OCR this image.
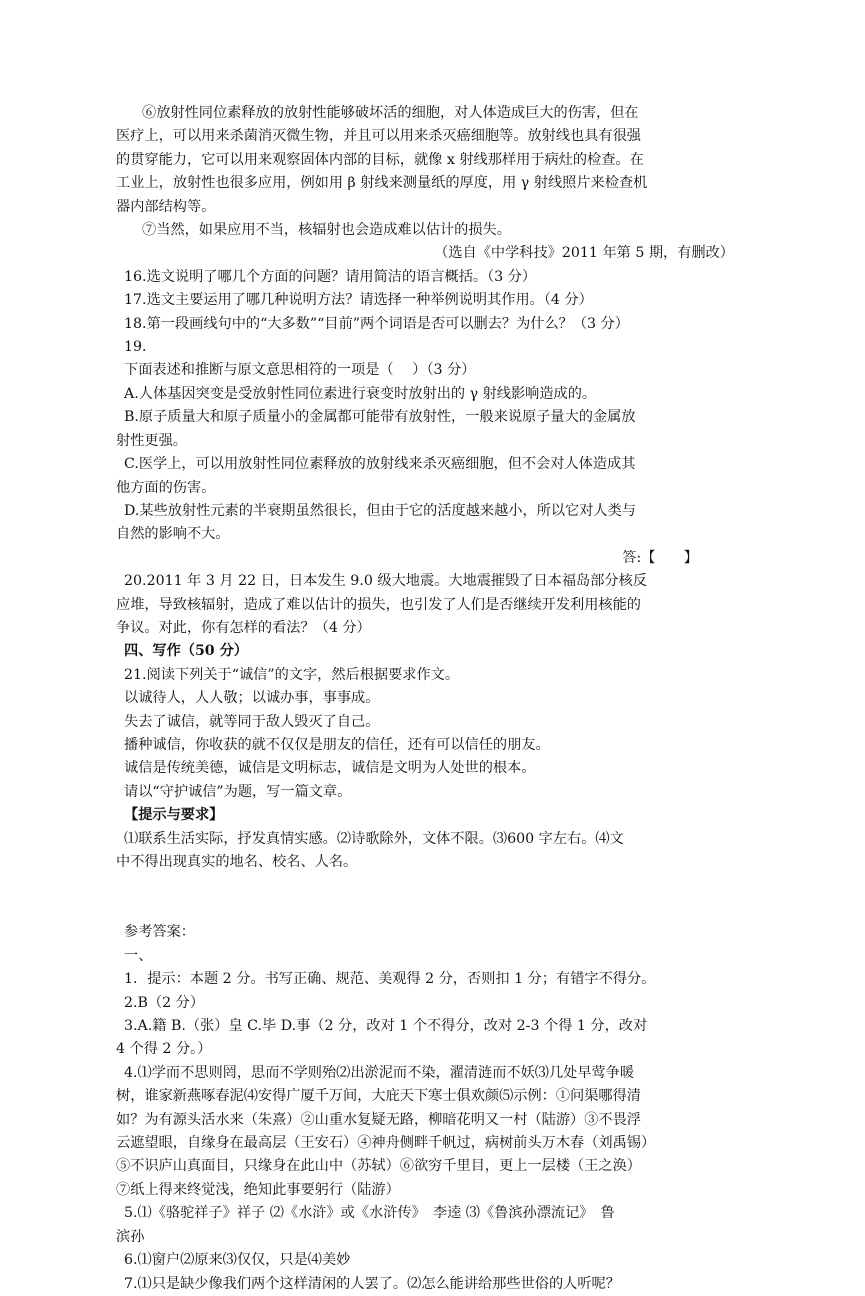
⑥放射性同位素释放的放射性能够破坏活的细胞，对人体造成巨大的伤害，但在

医疗上，可以用来杀菌消灭微生物，并且可以用来杀灭癌细胞等。放射线也具有很强

的贯穿能力，它可以用来观察固体内部的目标，就像 x 射线那样用于病灶的检查。在

工业上，放射性也很多应用，例如用 β 射线来测量纸的厚度，用 γ 射线照片来检查机

器内部结构等。

⑦当然，如果应用不当，核辐射也会造成难以估计的损失。

（选自《中学科技》2011 年第 5 期，有删改）

16.选文说明了哪几个方面的问题？请用简洁的语言概括。（3 分）

17.选文主要运用了哪几种说明方法？请选择一种举例说明其作用。（4 分）

18.第一段画线句中的“大多数”“目前”两个词语是否可以删去？为什么？（3 分）

19.

下面表述和推断与原文意思相符的一项是（　 ）（3 分）

A.人体基因突变是受放射性同位素进行衰变时放射出的 γ 射线影响造成的。

B.原子质量大和原子质量小的金属都可能带有放射性，一般来说原子量大的金属放

射性更强。

C.医学上，可以用放射性同位素释放的放射线来杀灭癌细胞，但不会对人体造成其

他方面的伤害。

D.某些放射性元素的半衰期虽然很长，但由于它的活度越来越小，所以它对人类与

自然的影响不大。

答:【　　】

20.2011 年 3 月 22 日，日本发生 9.0 级大地震。大地震摧毁了日本福岛部分核反

应堆，导致核辐射，造成了难以估计的损失，也引发了人们是否继续开发利用核能的

争议。对此，你有怎样的看法？（4 分）

四、写作（50 分）

21.阅读下列关于“诚信”的文字，然后根据要求作文。

以诚待人，人人敬；以诚办事，事事成。

失去了诚信，就等同于敌人毁灭了自己。

播种诚信，你收获的就不仅仅是朋友的信任，还有可以信任的朋友。

诚信是传统美德，诚信是文明标志，诚信是文明为人处世的根本。

请以“守护诚信”为题，写一篇文章。

【提示与要求】

⑴联系生活实际，抒发真情实感。⑵诗歌除外，文体不限。⑶600 字左右。⑷文

中不得出现真实的地名、校名、人名。

参考答案：

一、

1．提示：本题 2 分。书写正确、规范、美观得 2 分，否则扣 1 分；有错字不得分。

2.B（2 分）

3.A.籍 B.（张）皇 C.毕 D.事（2 分，改对 1 个不得分，改对 2-3 个得 1 分，改对

4 个得 2 分。）

4.⑴学而不思则罔，思而不学则殆⑵出淤泥而不染，濯清涟而不妖⑶几处早莺争暖

树，谁家新燕啄春泥⑷安得广厦千万间，大庇天下寒士俱欢颜⑸示例：①问渠哪得清

如？为有源头活水来（朱熹）②山重水复疑无路，柳暗花明又一村（陆游）③不畏浮

云遮望眼，自缘身在最高层（王安石）④神舟侧畔千帆过，病树前头万木春（刘禹锡）

⑤不识庐山真面目，只缘身在此山中（苏轼）⑥欲穷千里目，更上一层楼（王之涣）

⑦纸上得来终觉浅，绝知此事要躬行（陆游）

5.⑴《骆驼祥子》祥子 ⑵《水浒》或《水浒传》　李逵 ⑶《鲁滨孙漂流记》　鲁

滨孙

6.⑴窗户⑵原来⑶仅仅，只是⑷美妙

7.⑴只是缺少像我们两个这样清闲的人罢了。⑵怎么能讲给那些世俗的人听呢？
